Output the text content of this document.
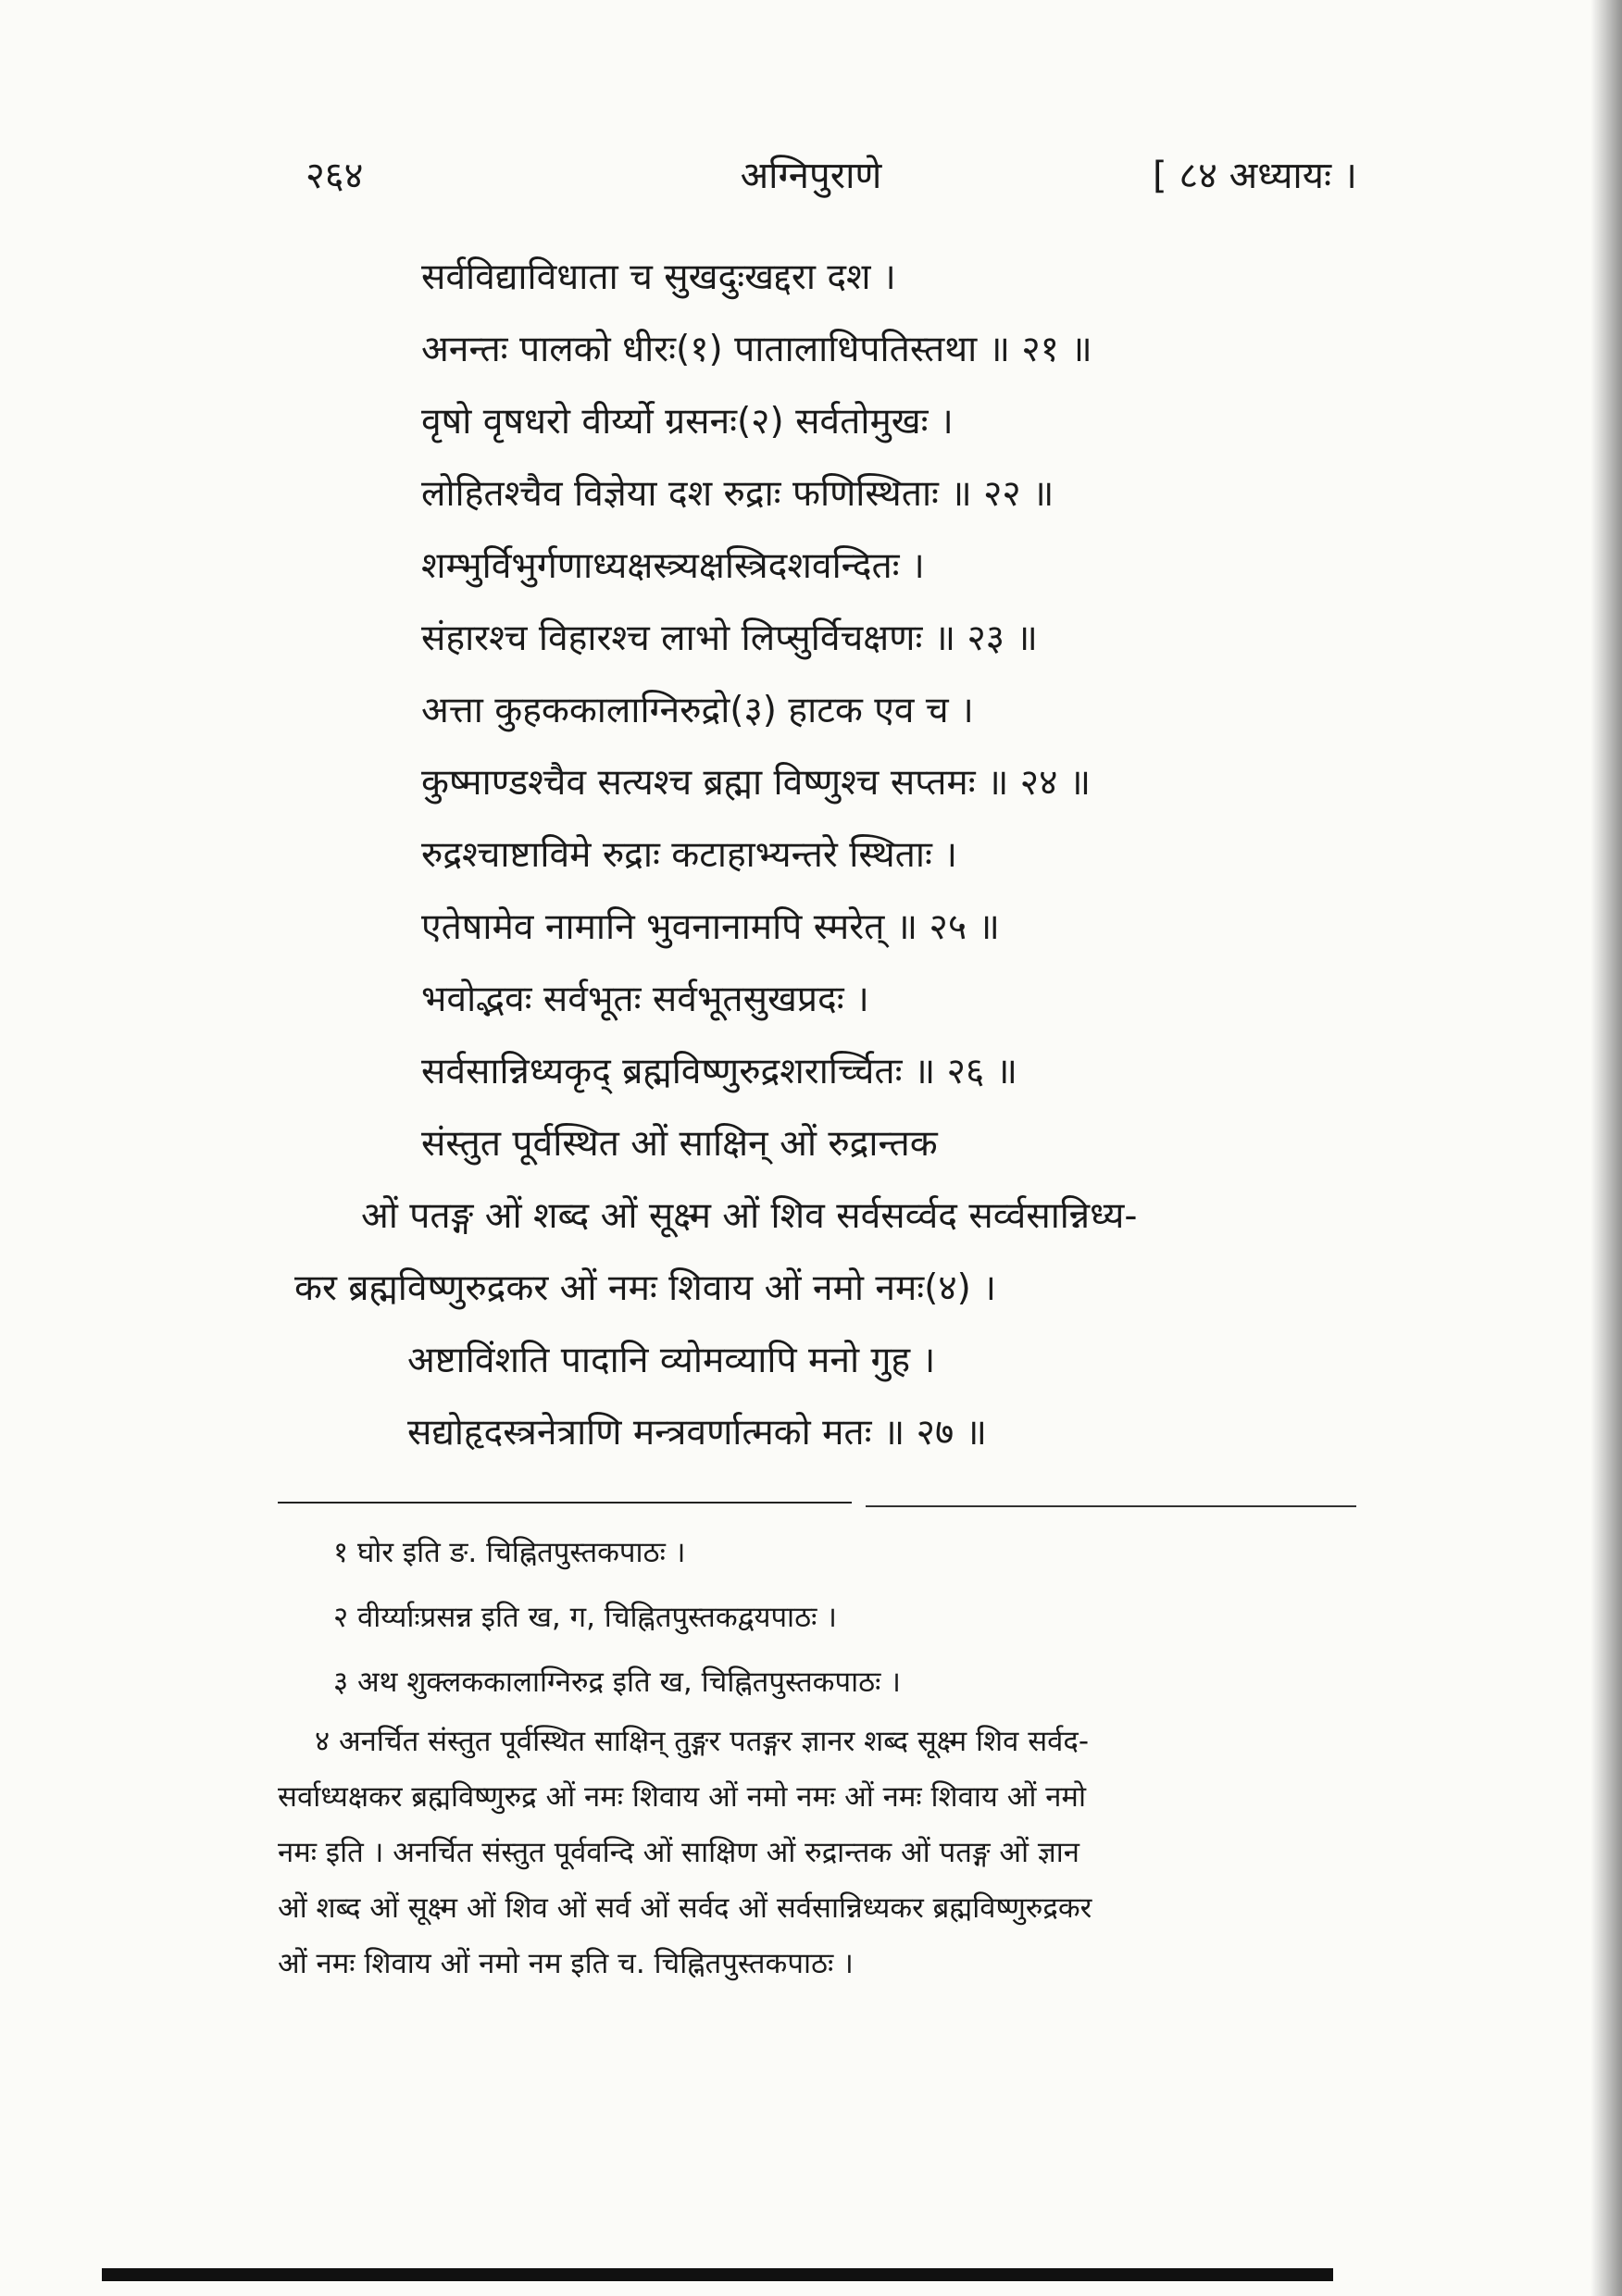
२६४	अग्निपुराणे	[ ८४ अध्यायः ।
सर्वविद्याविधाता च सुखदुःखद्दरा दश ।
अनन्तः पालको धीरः(१) पातालाधिपतिस्तथा ॥ २१ ॥
वृषो वृषधरो वीर्य्यो ग्रसनः(२) सर्वतोमुखः ।
लोहितश्चैव विज्ञेया दश रुद्राः फणिस्थिताः ॥ २२ ॥
शम्भुर्विभुर्गणाध्यक्षस्त्र्यक्षस्त्रिदशवन्दितः ।
संहारश्च विहारश्च लाभो लिप्सुर्विचक्षणः ॥ २३ ॥
अत्ता कुहककालाग्निरुद्रो(३) हाटक एव च ।
कुष्माण्डश्चैव सत्यश्च ब्रह्मा विष्णुश्च सप्तमः ॥ २४ ॥
रुद्रश्चाष्टाविमे रुद्राः कटाहाभ्यन्तरे स्थिताः ।
एतेषामेव नामानि भुवनानामपि स्मरेत् ॥ २५ ॥
भवोद्भवः सर्वभूतः सर्वभूतसुखप्रदः ।
सर्वसान्निध्यकृद् ब्रह्मविष्णुरुद्रशरार्च्चितः ॥ २६ ॥
संस्तुत पूर्वस्थित ओं साक्षिन् ओं रुद्रान्तक
ओं पतङ्ग ओं शब्द ओं सूक्ष्म ओं शिव सर्वसर्व्वद सर्व्वसान्निध्य-
कर ब्रह्मविष्णुरुद्रकर ओं नमः शिवाय ओं नमो नमः(४) ।
अष्टाविंशति पादानि व्योमव्यापि मनो गुह ।
सद्योहृदस्त्रनेत्राणि मन्त्रवर्णात्मको मतः ॥ २७ ॥
१ घोर इति ङ. चिह्नितपुस्तकपाठः ।
२ वीर्य्याःप्रसन्न इति ख, ग, चिह्नितपुस्तकद्वयपाठः ।
३ अथ शुक्लककालाग्निरुद्र इति ख, चिह्नितपुस्तकपाठः ।
४ अनर्चित संस्तुत पूर्वस्थित साक्षिन् तुङ्गर पतङ्गर ज्ञानर शब्द सूक्ष्म शिव सर्वद-
सर्वाध्यक्षकर ब्रह्मविष्णुरुद्र ओं नमः शिवाय ओं नमो नमः ओं नमः शिवाय ओं नमो
नमः इति । अनर्चित संस्तुत पूर्ववन्दि ओं साक्षिण ओं रुद्रान्तक ओं पतङ्ग ओं ज्ञान
ओं शब्द ओं सूक्ष्म ओं शिव ओं सर्व ओं सर्वद ओं सर्वसान्निध्यकर ब्रह्मविष्णुरुद्रकर
ओं नमः शिवाय ओं नमो नम इति च. चिह्नितपुस्तकपाठः ।
